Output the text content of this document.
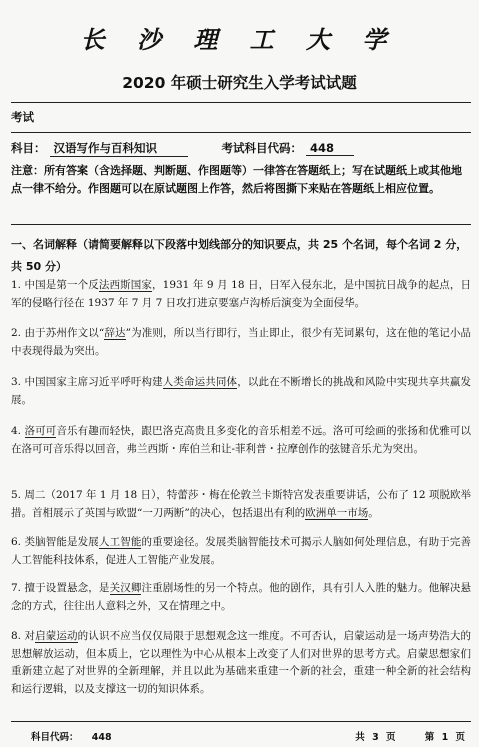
长 沙 理 工 大 学
2020 年硕士研究生入学考试试题
考试
科目： 汉语写作与百科知识	考试科目代码： 448
注意：所有答案（含选择题、判断题、作图题等）一律答在答题纸上；写在试题纸上或其他地点一律不给分。作图题可以在原试题图上作答，然后将图撕下来贴在答题纸上相应位置。
一、名词解释（请简要解释以下段落中划线部分的知识要点，共 25 个名词，每个名词 2 分，共 50 分）
1. 中国是第一个反法西斯国家，1931 年 9 月 18 日，日军入侵东北，是中国抗日战争的起点，日军的侵略行径在 1937 年 7 月 7 日攻打进京要塞卢沟桥后演变为全面侵华。
2. 由于苏州作文以“辞达”为准则，所以当行即行，当止即止，很少有芜词累句，这在他的笔记小品中表现得最为突出。
3. 中国国家主席习近平呼吁构建人类命运共同体，以此在不断增长的挑战和风险中实现共享共赢发展。
4. 洛可可音乐有趣而轻快，跟巴洛克高贵且多变化的音乐相差不远。洛可可绘画的张扬和优雅可以在洛可可音乐得以回音，弗兰西斯・库伯兰和让-菲利普・拉摩创作的弦键音乐尤为突出。
5. 周二（2017 年 1 月 18 日），特蕾莎・梅在伦敦兰卡斯特宫发表重要讲话，公布了 12 项脱欧举措。首相展示了英国与欧盟“一刀两断”的决心，包括退出有利的欧洲单一市场。
6. 类脑智能是发展人工智能的重要途径。发展类脑智能技术可揭示人脑如何处理信息，有助于完善人工智能科技体系，促进人工智能产业发展。
7. 擅于设置悬念，是关汉卿注重剧场性的另一个特点。他的剧作，具有引人入胜的魅力。他解决悬念的方式，往往出人意料之外，又在情理之中。
8. 对启蒙运动的认识不应当仅仅局限于思想观念这一维度。不可否认，启蒙运动是一场声势浩大的思想解放运动，但本质上，它以理性为中心从根本上改变了人们对世界的思考方式。启蒙思想家们重新建立起了对世界的全新理解，并且以此为基础来重建一个新的社会，重建一种全新的社会结构和运行逻辑，以及支撑这一切的知识体系。
科目代码： 448	共 3 页	第 1 页
